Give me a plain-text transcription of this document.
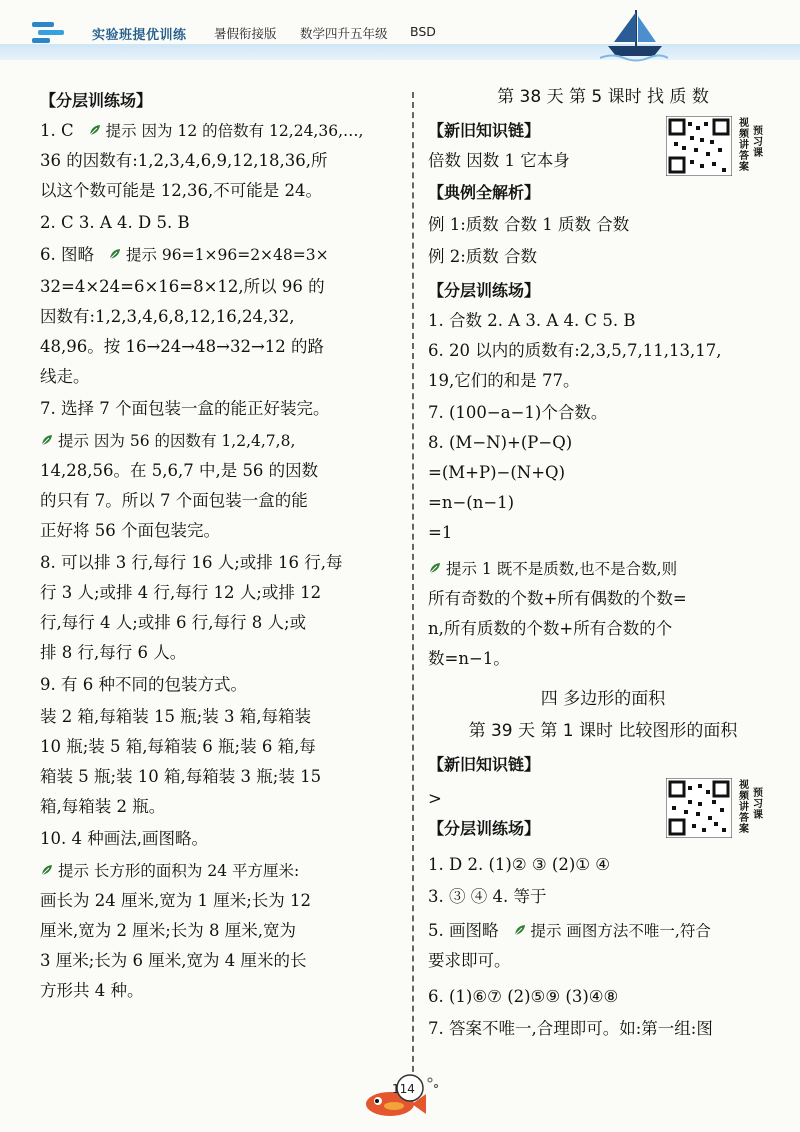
实验班提优训练 暑假衔接版 数学四升五年级 BSD
【分层训练场】
1. C 提示 因为 12 的倍数有 12,24,36,…,
36 的因数有:1,2,3,4,6,9,12,18,36,所
以这个数可能是 12,36,不可能是 24。
2. C 3. A 4. D 5. B
6. 图略 提示 96=1×96=2×48=3×
32=4×24=6×16=8×12,所以 96 的
因数有:1,2,3,4,6,8,12,16,24,32,
48,96。按 16→24→48→32→12 的路
线走。
7. 选择 7 个面包装一盒的能正好装完。
提示 因为 56 的因数有 1,2,4,7,8,
14,28,56。在 5,6,7 中,是 56 的因数
的只有 7。所以 7 个面包装一盒的能
正好将 56 个面包装完。
8. 可以排 3 行,每行 16 人;或排 16 行,每
行 3 人;或排 4 行,每行 12 人;或排 12
行,每行 4 人;或排 6 行,每行 8 人;或
排 8 行,每行 6 人。
9. 有 6 种不同的包装方式。
装 2 箱,每箱装 15 瓶;装 3 箱,每箱装
10 瓶;装 5 箱,每箱装 6 瓶;装 6 箱,每
箱装 5 瓶;装 10 箱,每箱装 3 瓶;装 15
箱,每箱装 2 瓶。
10. 4 种画法,画图略。
提示 长方形的面积为 24 平方厘米:
画长为 24 厘米,宽为 1 厘米;长为 12
厘米,宽为 2 厘米;长为 8 厘米,宽为
3 厘米;长为 6 厘米,宽为 4 厘米的长
方形共 4 种。
第 38 天 第 5 课时 找 质 数
【新旧知识链】
倍数 因数 1 它本身
【典例全解析】
例 1:质数 合数 1 质数 合数
例 2:质数 合数
【分层训练场】
1. 合数 2. A 3. A 4. C 5. B
6. 20 以内的质数有:2,3,5,7,11,13,17,
19,它们的和是 77。
7. (100−a−1)个合数。
8. (M−N)+(P−Q)
=(M+P)−(N+Q)
=n−(n−1)
=1
提示 1 既不是质数,也不是合数,则
所有奇数的个数+所有偶数的个数=
n,所有质数的个数+所有合数的个
数=n−1。
四 多边形的面积
第 39 天 第 1 课时 比较图形的面积
【新旧知识链】
>
【分层训练场】
1. D 2. (1)② ③ (2)① ④
3. ③ ④ 4. 等于
5. 画图略 提示 画图方法不唯一,符合
要求即可。
6. (1)⑥⑦ (2)⑤⑨ (3)④⑧
7. 答案不唯一,合理即可。如:第一组:图
视频讲答案
预习课
视频讲答案
预习课
114
